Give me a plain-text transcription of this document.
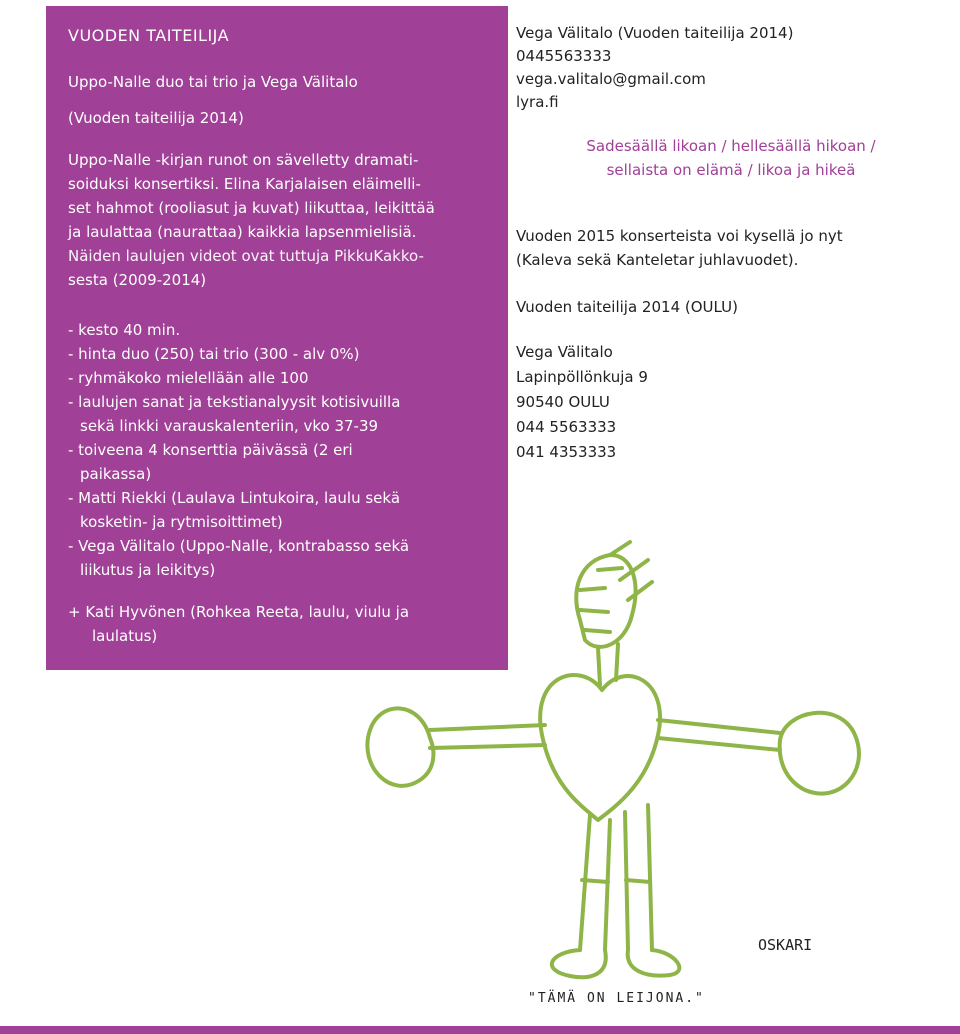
VUODEN TAITEILIJA

Uppo-Nalle duo tai trio ja Vega Välitalo

(Vuoden taiteilija 2014)

Uppo-Nalle -kirjan runot on sävelletty dramati-
soiduksi konsertiksi. Elina Karjalaisen eläimelli-
set hahmot (rooliasut ja kuvat) liikuttaa, leikittää
ja laulattaa (naurattaa) kaikkia lapsenmielisiä.
Näiden laulujen videot ovat tuttuja PikkuKakko-
sesta (2009-2014)
- kesto 40 min.
- hinta duo (250) tai trio (300 - alv 0%)
- ryhmäkoko mielellään alle 100
- laulujen sanat ja tekstianalyysit kotisivuilla
sekä linkki varauskalenteriin, vko 37-39
- toiveena 4 konserttia päivässä (2 eri
paikassa)
- Matti Riekki (Laulava Lintukoira, laulu sekä
kosketin- ja rytmisoittimet)
- Vega Välitalo (Uppo-Nalle, kontrabasso sekä
liikutus ja leikitys)
+ Kati Hyvönen (Rohkea Reeta, laulu, viulu ja
laulatus)
Vega Välitalo (Vuoden taiteilija 2014)
0445563333
vega.valitalo@gmail.com
lyra.fi
Sadesäällä likoan / hellesäällä hikoan /
sellaista on elämä / likoa ja hikeä
Vuoden 2015 konserteista voi kysellä jo nyt
(Kaleva sekä Kanteletar juhlavuodet).
Vuoden taiteilija 2014 (OULU)
Vega Välitalo
Lapinpöllönkuja 9
90540 OULU
044 5563333
041 4353333
OSKARI
"TÄMÄ ON LEIJONA."
